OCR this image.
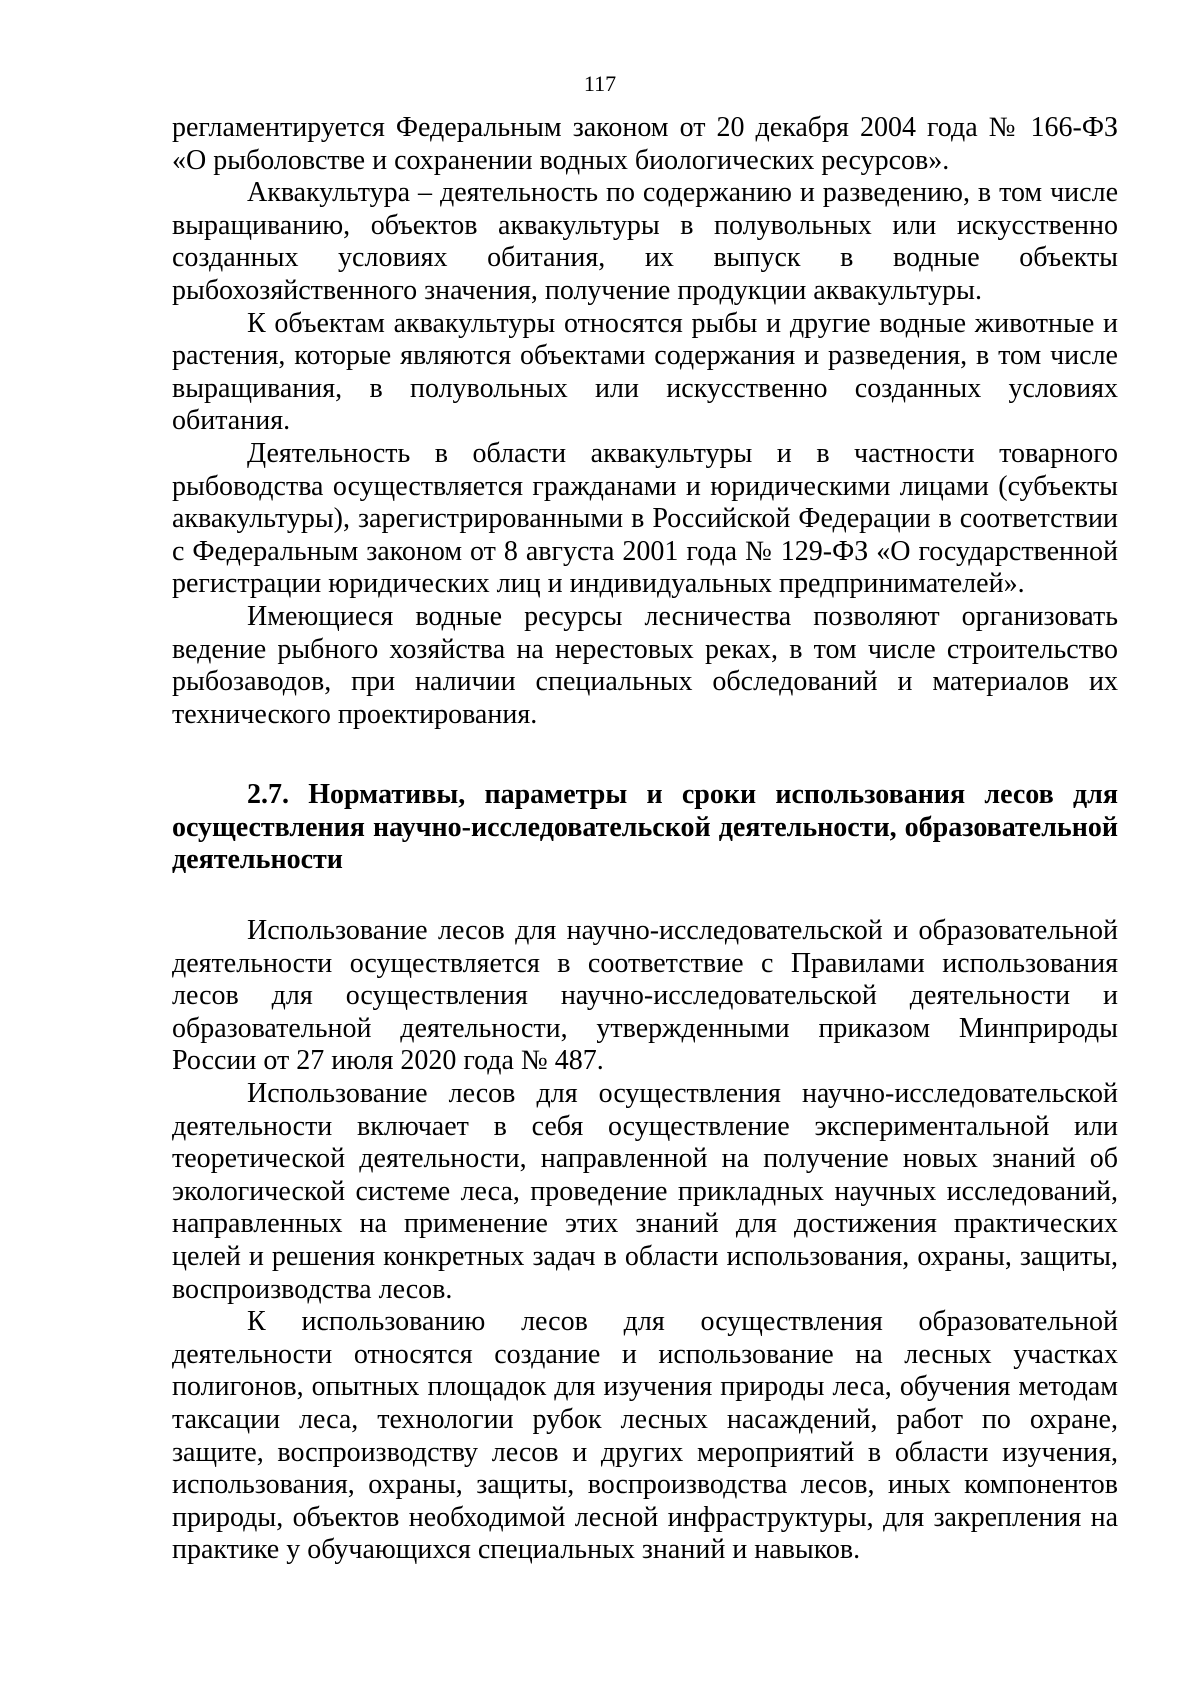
117

регламентируется Федеральным законом от 20 декабря 2004 года № 166-ФЗ «О рыболовстве и сохранении водных биологических ресурсов».

Аквакультура – деятельность по содержанию и разведению, в том числе выращиванию, объектов аквакультуры в полувольных или искусственно созданных условиях обитания, их выпуск в водные объекты рыбохозяйственного значения, получение продукции аквакультуры.

К объектам аквакультуры относятся рыбы и другие водные животные и растения, которые являются объектами содержания и разведения, в том числе выращивания, в полувольных или искусственно созданных условиях обитания.

Деятельность в области аквакультуры и в частности товарного рыбоводства осуществляется гражданами и юридическими лицами (субъекты аквакультуры), зарегистрированными в Российской Федерации в соответствии с Федеральным законом от 8 августа 2001 года № 129-ФЗ «О государственной регистрации юридических лиц и индивидуальных предпринимателей».

Имеющиеся водные ресурсы лесничества позволяют организовать ведение рыбного хозяйства на нерестовых реках, в том числе строительство рыбозаводов, при наличии специальных обследований и материалов их технического проектирования.

2.7. Нормативы, параметры и сроки использования лесов для осуществления научно-исследовательской деятельности, образовательной деятельности

Использование лесов для научно-исследовательской и образовательной деятельности осуществляется в соответствие с Правилами использования лесов для осуществления научно-исследовательской деятельности и образовательной деятельности, утвержденными приказом Минприроды России от 27 июля 2020 года № 487.

Использование лесов для осуществления научно-исследовательской деятельности включает в себя осуществление экспериментальной или теоретической деятельности, направленной на получение новых знаний об экологической системе леса, проведение прикладных научных исследований, направленных на применение этих знаний для достижения практических целей и решения конкретных задач в области использования, охраны, защиты, воспроизводства лесов.

К использованию лесов для осуществления образовательной деятельности относятся создание и использование на лесных участках полигонов, опытных площадок для изучения природы леса, обучения методам таксации леса, технологии рубок лесных насаждений, работ по охране, защите, воспроизводству лесов и других мероприятий в области изучения, использования, охраны, защиты, воспроизводства лесов, иных компонентов природы, объектов необходимой лесной инфраструктуры, для закрепления на практике у обучающихся специальных знаний и навыков.
